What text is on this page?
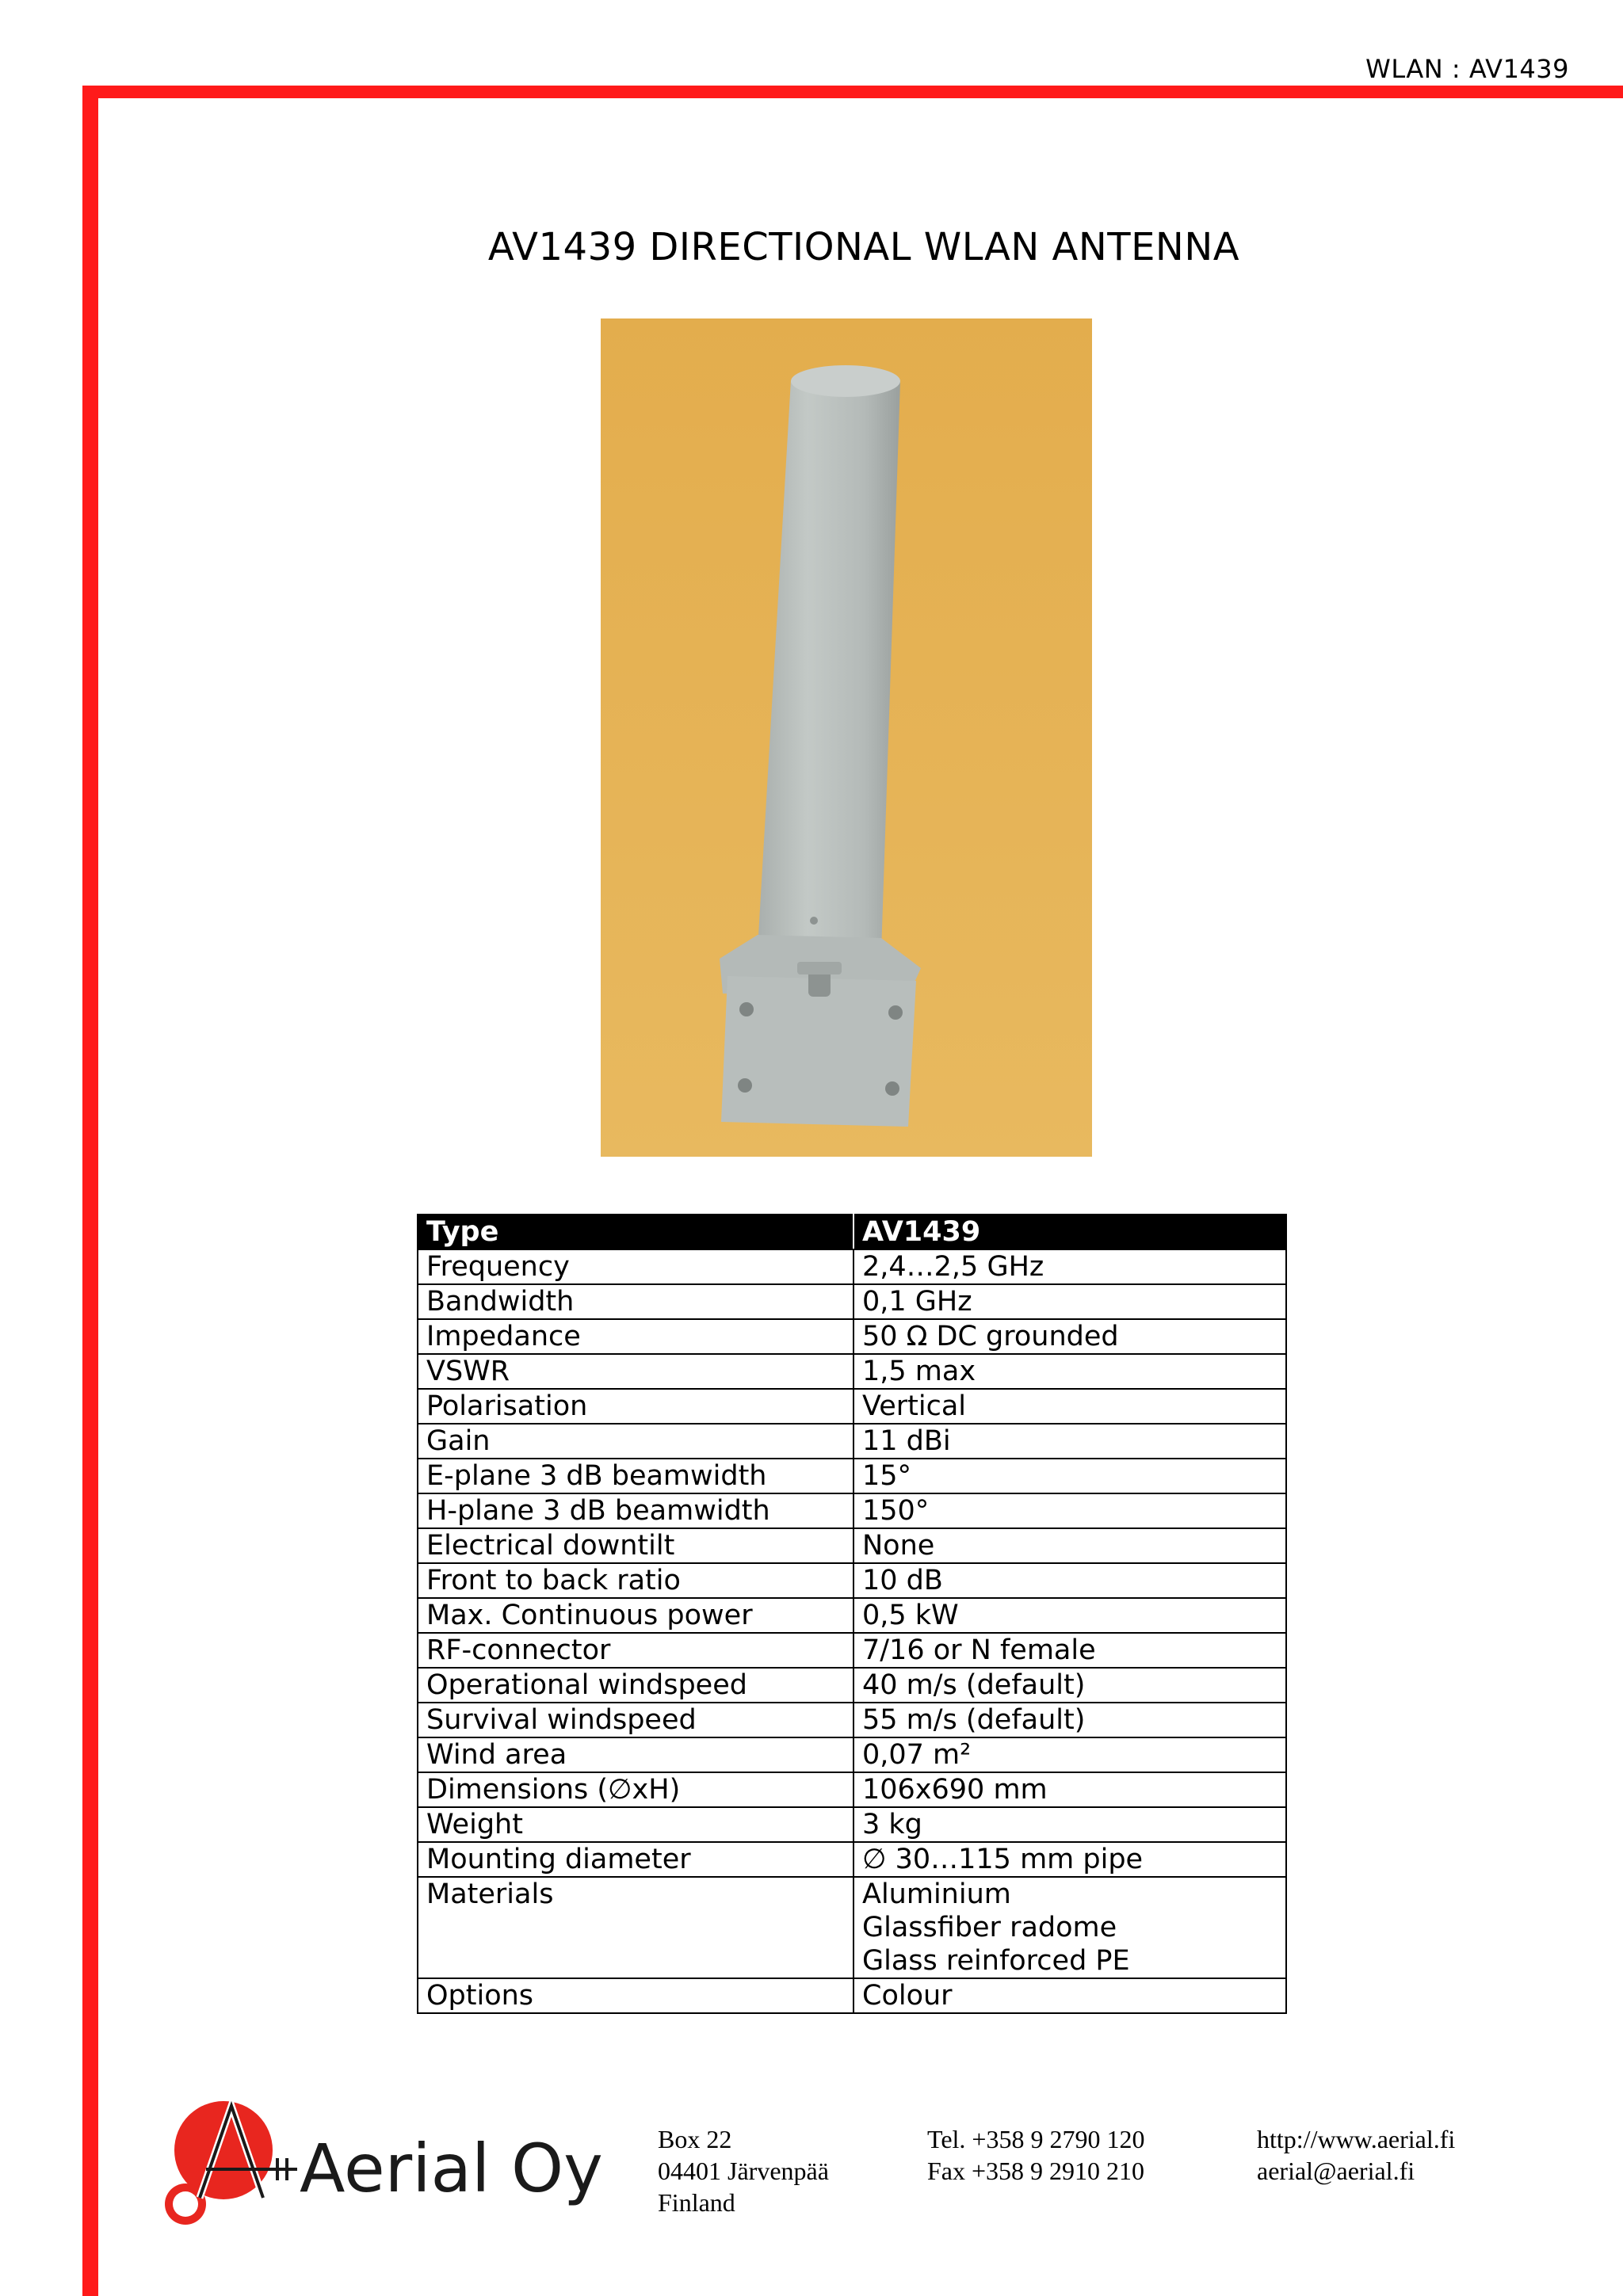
WLAN : AV1439
AV1439 DIRECTIONAL WLAN ANTENNA
Type	AV1439
Frequency	2,4…2,5 GHz
Bandwidth	0,1 GHz
Impedance	50 Ω DC grounded
VSWR	1,5 max
Polarisation	Vertical
Gain	11 dBi
E-plane 3 dB beamwidth	15°
H-plane 3 dB beamwidth	150°
Electrical downtilt	None
Front to back ratio	10 dB
Max. Continuous power	0,5 kW
RF-connector	7/16 or N female
Operational windspeed	40 m/s (default)
Survival windspeed	55 m/s (default)
Wind area	0,07 m²
Dimensions (∅xH)	106x690 mm
Weight	3 kg
Mounting diameter	∅ 30…115 mm pipe
Materials	Aluminium
Glassfiber radome
Glass reinforced PE

Options	Colour
Aerial Oy Box 22
04401 Järvenpää
Finland
Tel. +358 9 2790 120
Fax +358 9 2910 210
http://www.aerial.fi
aerial@aerial.fi
